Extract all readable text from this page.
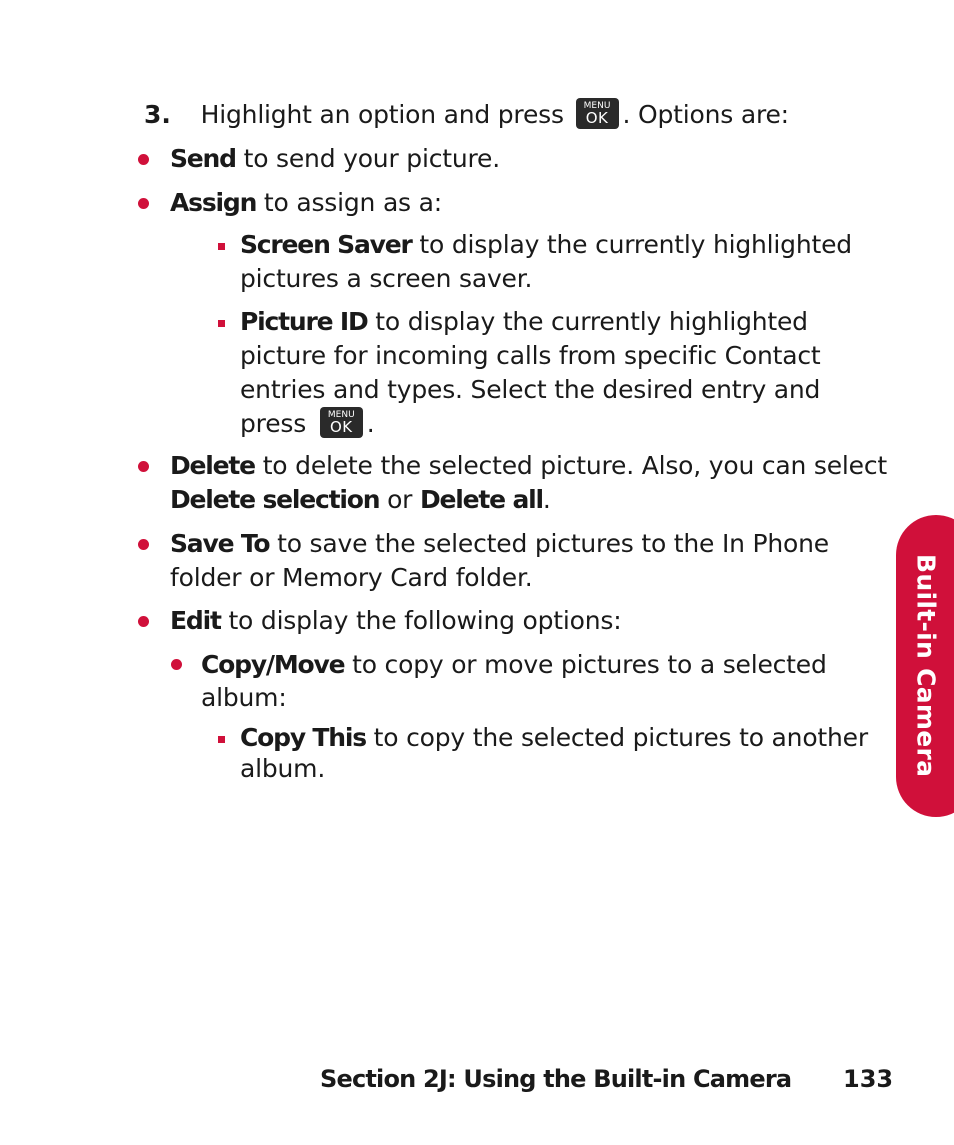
3. Highlight an option and press	MENU
OK . Options are:
Send to send your picture.
Assign to assign as a:
Screen Saver to display the currently highlighted
pictures a screen saver.
Picture ID to display the currently highlighted
picture for incoming calls from specific Contact
entries and types. Select the desired entry and
press	MENU
OK .
Delete to delete the selected picture. Also, you can select
Delete selection or Delete all.
Save To to save the selected pictures to the In Phone
folder or Memory Card folder.
Edit to display the following options:
Copy/Move to copy or move pictures to a selected
album:
Copy This to copy the selected pictures to another
album.	Built-in Camera
Section 2J: Using the Built-in Camera 133
